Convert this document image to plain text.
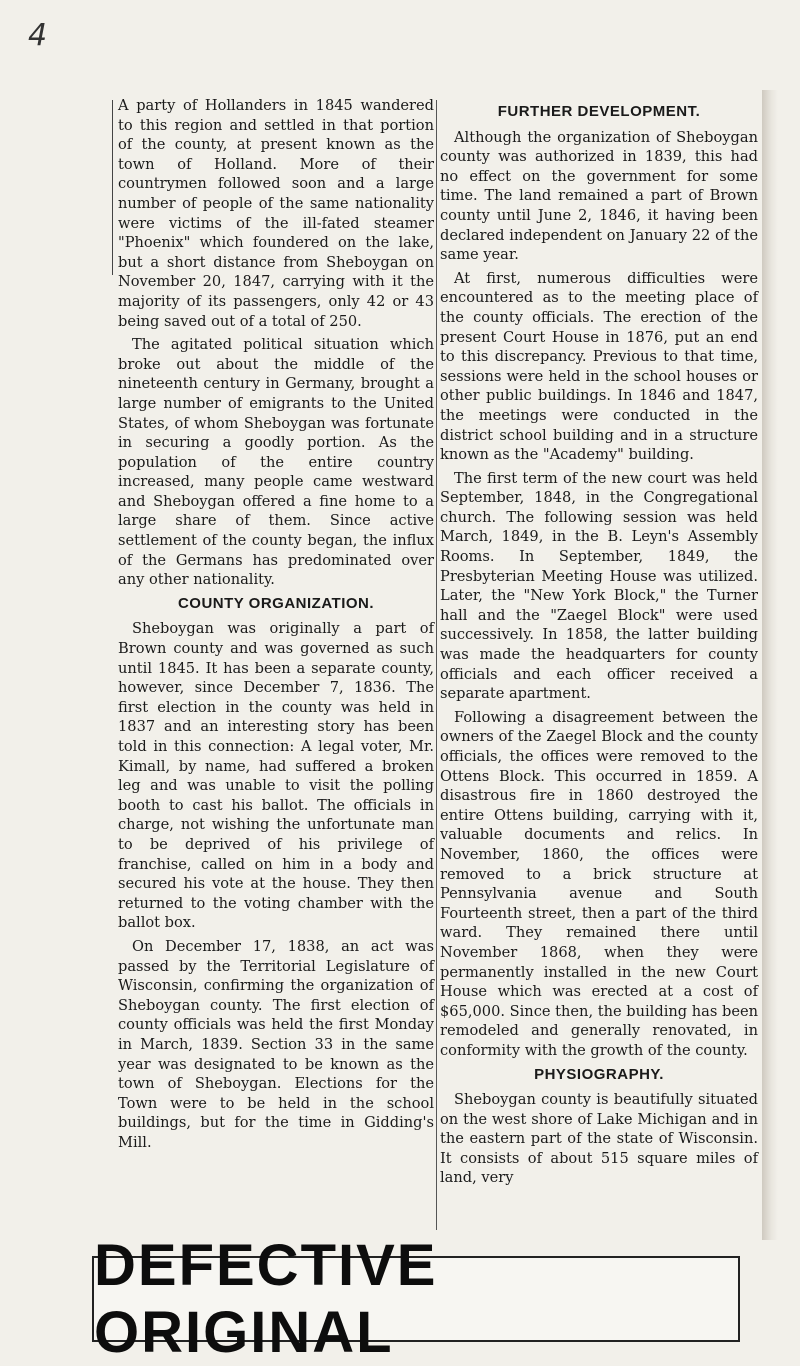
4

A party of Hollanders in 1845 wandered to this region and settled in that portion of the county, at present known as the town of Holland. More of their countrymen followed soon and a large number of people of the same nationality were victims of the ill-fated steamer "Phoenix" which foundered on the lake, but a short distance from Sheboygan on November 20, 1847, carrying with it the majority of its passengers, only 42 or 43 being saved out of a total of 250.

The agitated political situation which broke out about the middle of the nineteenth century in Germany, brought a large number of emigrants to the United States, of whom Sheboygan was fortunate in securing a goodly portion. As the population of the entire country increased, many people came westward and Sheboygan offered a fine home to a large share of them. Since active settlement of the county began, the influx of the Germans has predominated over any other nationality.

COUNTY ORGANIZATION.

Sheboygan was originally a part of Brown county and was governed as such until 1845. It has been a separate county, however, since December 7, 1836. The first election in the county was held in 1837 and an interesting story has been told in this connection: A legal voter, Mr. Kimall, by name, had suffered a broken leg and was unable to visit the polling booth to cast his ballot. The officials in charge, not wishing the unfortunate man to be deprived of his privilege of franchise, called on him in a body and secured his vote at the house. They then returned to the voting chamber with the ballot box.

On December 17, 1838, an act was passed by the Territorial Legislature of Wisconsin, confirming the organization of Sheboygan county. The first election of county officials was held the first Monday in March, 1839. Section 33 in the same year was designated to be known as the town of Sheboygan. Elections for the Town were to be held in the school buildings, but for the time in Gidding's Mill.

FURTHER DEVELOPMENT.

Although the organization of Sheboygan county was authorized in 1839, this had no effect on the government for some time. The land remained a part of Brown county until June 2, 1846, it having been declared independent on January 22 of the same year.

At first, numerous difficulties were encountered as to the meeting place of the county officials. The erection of the present Court House in 1876, put an end to this discrepancy. Previous to that time, sessions were held in the school houses or other public buildings. In 1846 and 1847, the meetings were conducted in the district school building and in a structure known as the "Academy" building.

The first term of the new court was held September, 1848, in the Congregational church. The following session was held March, 1849, in the B. Leyn's Assembly Rooms. In September, 1849, the Presbyterian Meeting House was utilized. Later, the "New York Block," the Turner hall and the "Zaegel Block" were used successively. In 1858, the latter building was made the headquarters for county officials and each officer received a separate apartment.

Following a disagreement between the owners of the Zaegel Block and the county officials, the offices were removed to the Ottens Block. This occurred in 1859. A disastrous fire in 1860 destroyed the entire Ottens building, carrying with it, valuable documents and relics. In November, 1860, the offices were removed to a brick structure at Pennsylvania avenue and South Fourteenth street, then a part of the third ward. They remained there until November 1868, when they were permanently installed in the new Court House which was erected at a cost of $65,000. Since then, the building has been remodeled and generally renovated, in conformity with the growth of the county.

PHYSIOGRAPHY.

Sheboygan county is beautifully situated on the west shore of Lake Michigan and in the eastern part of the state of Wisconsin. It consists of about 515 square miles of land, very

DEFECTIVE ORIGINAL
